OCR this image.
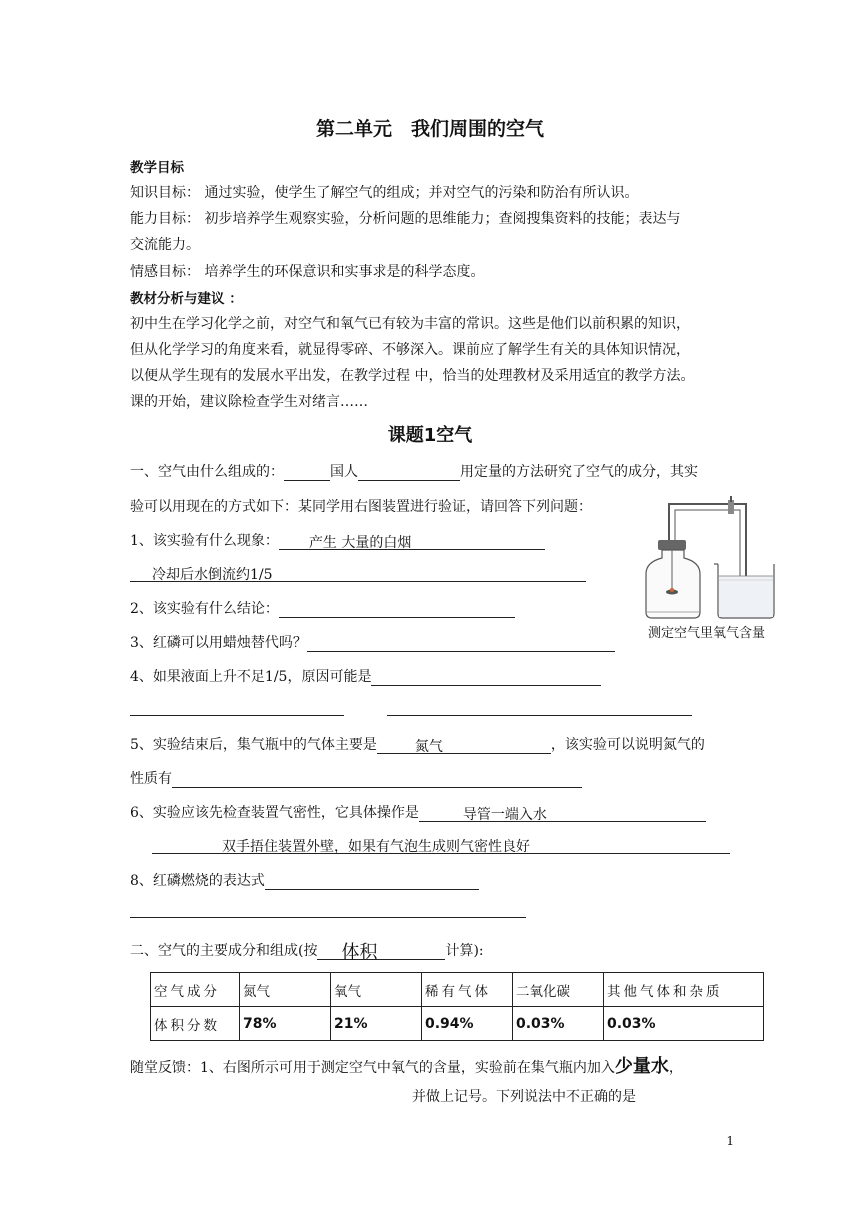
第二单元　我们周围的空气
教学目标
知识目标： 通过实验，使学生了解空气的组成；并对空气的污染和防治有所认识。
能力目标： 初步培养学生观察实验，分析问题的思维能力；查阅搜集资料的技能；表达与
交流能力。
情感目标： 培养学生的环保意识和实事求是的科学态度。
教材分析与建议 ：
初中生在学习化学之前，对空气和氧气已有较为丰富的常识。这些是他们以前积累的知识，
但从化学学习的角度来看，就显得零碎、不够深入。课前应了解学生有关的具体知识情况，
以便从学生现有的发展水平出发，在教学过程 中，恰当的处理教材及采用适宜的教学方法。
课的开始，建议除检查学生对绪言……
课题1空气
一、空气由什么组成的：	国人	用定量的方法研究了空气的成分，其实
验可以用现在的方式如下：某同学用右图装置进行验证，请回答下列问题：
1、该实验有什么现象： 产生 大量的白烟
冷却后水倒流约1/5
2、该实验有什么结论：
3、红磷可以用蜡烛替代吗？
4、如果液面上升不足1/5，原因可能是
5、实验结束后，集气瓶中的气体主要是	氮气	，该实验可以说明氮气的
性质有
6、实验应该先检查装置气密性，它具体操作是	导管一端入水
双手捂住装置外壁，如果有气泡生成则气密性良好
8、红磷燃烧的表达式
二、空气的主要成分和组成(按 体积	计算):
空气成分	氮气	氧气	稀有气体	二氧化碳	其他气体和杂质
体积分数	78%	21%	0.94%	0.03%	0.03%
随堂反馈：1、右图所示可用于测定空气中氧气的含量，实验前在集气瓶内加入少量水，
并做上记号。下列说法中不正确的是
测定空气里氧气含量
1
